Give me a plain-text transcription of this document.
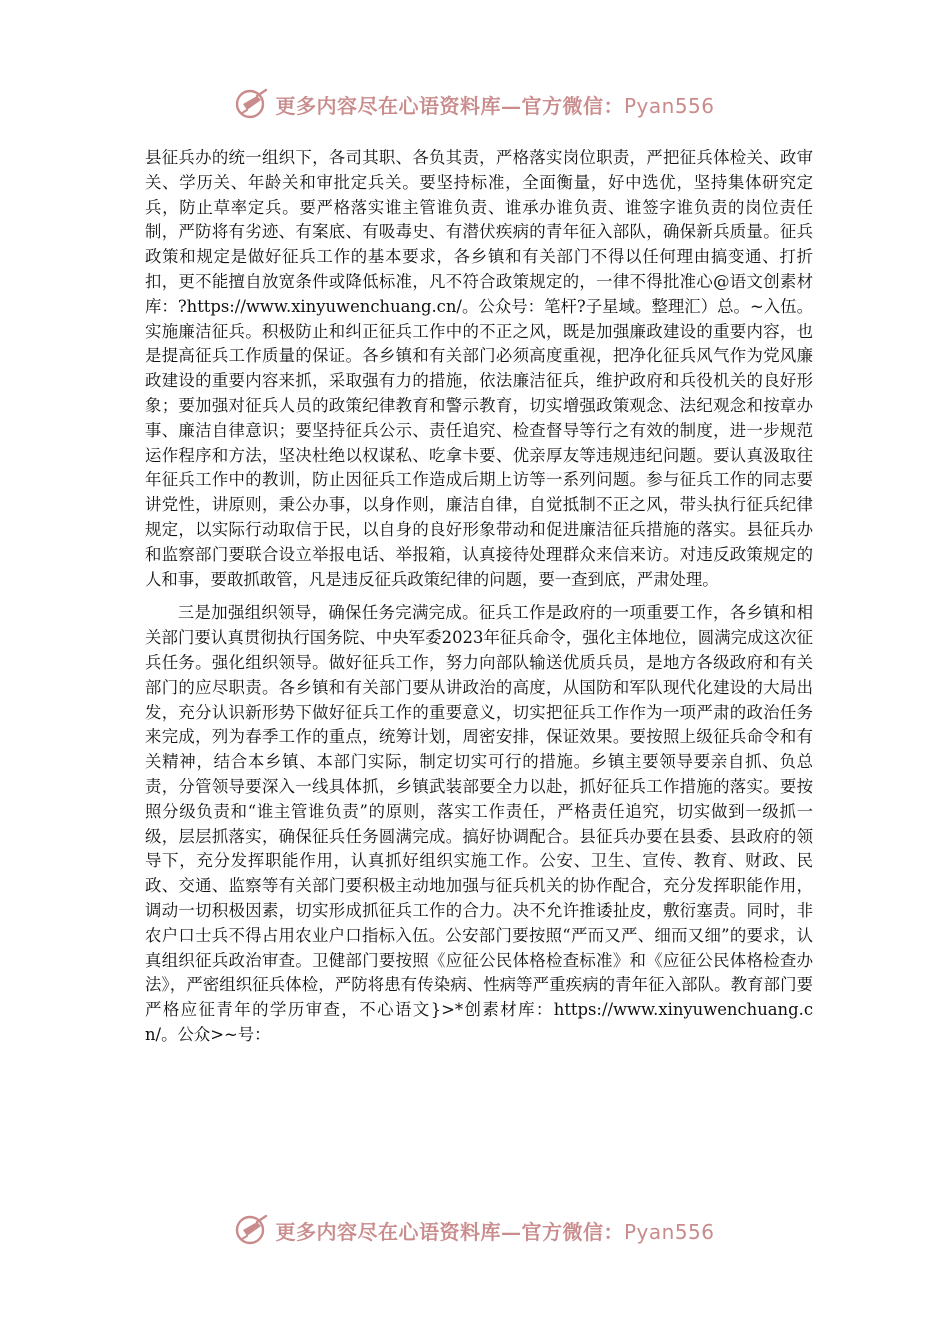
更多内容尽在心语资料库—官方微信：Pyan556

县征兵办的统一组织下，各司其职、各负其责，严格落实岗位职责，严把征兵体检关、政审关、学历关、年龄关和审批定兵关。要坚持标准，全面衡量，好中选优，坚持集体研究定兵，防止草率定兵。要严格落实谁主管谁负责、谁承办谁负责、谁签字谁负责的岗位责任制，严防将有劣迹、有案底、有吸毒史、有潜伏疾病的青年征入部队，确保新兵质量。征兵政策和规定是做好征兵工作的基本要求，各乡镇和有关部门不得以任何理由搞变通、打折扣，更不能擅自放宽条件或降低标准，凡不符合政策规定的，一律不得批准心@语文创素材库：?https://www.xinyuwenchuang.cn/。公众号：笔杆?子星域。整理汇）总。~入伍。实施廉洁征兵。积极防止和纠正征兵工作中的不正之风，既是加强廉政建设的重要内容，也是提高征兵工作质量的保证。各乡镇和有关部门必须高度重视，把净化征兵风气作为党风廉政建设的重要内容来抓，采取强有力的措施，依法廉洁征兵，维护政府和兵役机关的良好形象；要加强对征兵人员的政策纪律教育和警示教育，切实增强政策观念、法纪观念和按章办事、廉洁自律意识；要坚持征兵公示、责任追究、检查督导等行之有效的制度，进一步规范运作程序和方法，坚决杜绝以权谋私、吃拿卡要、优亲厚友等违规违纪问题。要认真汲取往年征兵工作中的教训，防止因征兵工作造成后期上访等一系列问题。参与征兵工作的同志要讲党性，讲原则，秉公办事，以身作则，廉洁自律，自觉抵制不正之风，带头执行征兵纪律规定，以实际行动取信于民，以自身的良好形象带动和促进廉洁征兵措施的落实。县征兵办和监察部门要联合设立举报电话、举报箱，认真接待处理群众来信来访。对违反政策规定的人和事，要敢抓敢管，凡是违反征兵政策纪律的问题，要一查到底，严肃处理。

三是加强组织领导，确保任务完满完成。征兵工作是政府的一项重要工作，各乡镇和相关部门要认真贯彻执行国务院、中央军委2023年征兵命令，强化主体地位，圆满完成这次征兵任务。强化组织领导。做好征兵工作，努力向部队输送优质兵员，是地方各级政府和有关部门的应尽职责。各乡镇和有关部门要从讲政治的高度，从国防和军队现代化建设的大局出发，充分认识新形势下做好征兵工作的重要意义，切实把征兵工作作为一项严肃的政治任务来完成，列为春季工作的重点，统筹计划，周密安排，保证效果。要按照上级征兵命令和有关精神，结合本乡镇、本部门实际，制定切实可行的措施。乡镇主要领导要亲自抓、负总责，分管领导要深入一线具体抓，乡镇武装部要全力以赴，抓好征兵工作措施的落实。要按照分级负责和“谁主管谁负责”的原则，落实工作责任，严格责任追究，切实做到一级抓一级，层层抓落实，确保征兵任务圆满完成。搞好协调配合。县征兵办要在县委、县政府的领导下，充分发挥职能作用，认真抓好组织实施工作。公安、卫生、宣传、教育、财政、民政、交通、监察等有关部门要积极主动地加强与征兵机关的协作配合，充分发挥职能作用，调动一切积极因素，切实形成抓征兵工作的合力。决不允许推诿扯皮，敷衍塞责。同时，非农户口士兵不得占用农业户口指标入伍。公安部门要按照“严而又严、细而又细”的要求，认真组织征兵政治审查。卫健部门要按照《应征公民体格检查标准》和《应征公民体格检查办法》，严密组织征兵体检，严防将患有传染病、性病等严重疾病的青年征入部队。教育部门要严格应征青年的学历审查，不心语文}>*创素材库：https://www.xinyuwenchuang.cn/。公众>~号：

更多内容尽在心语资料库—官方微信：Pyan556
